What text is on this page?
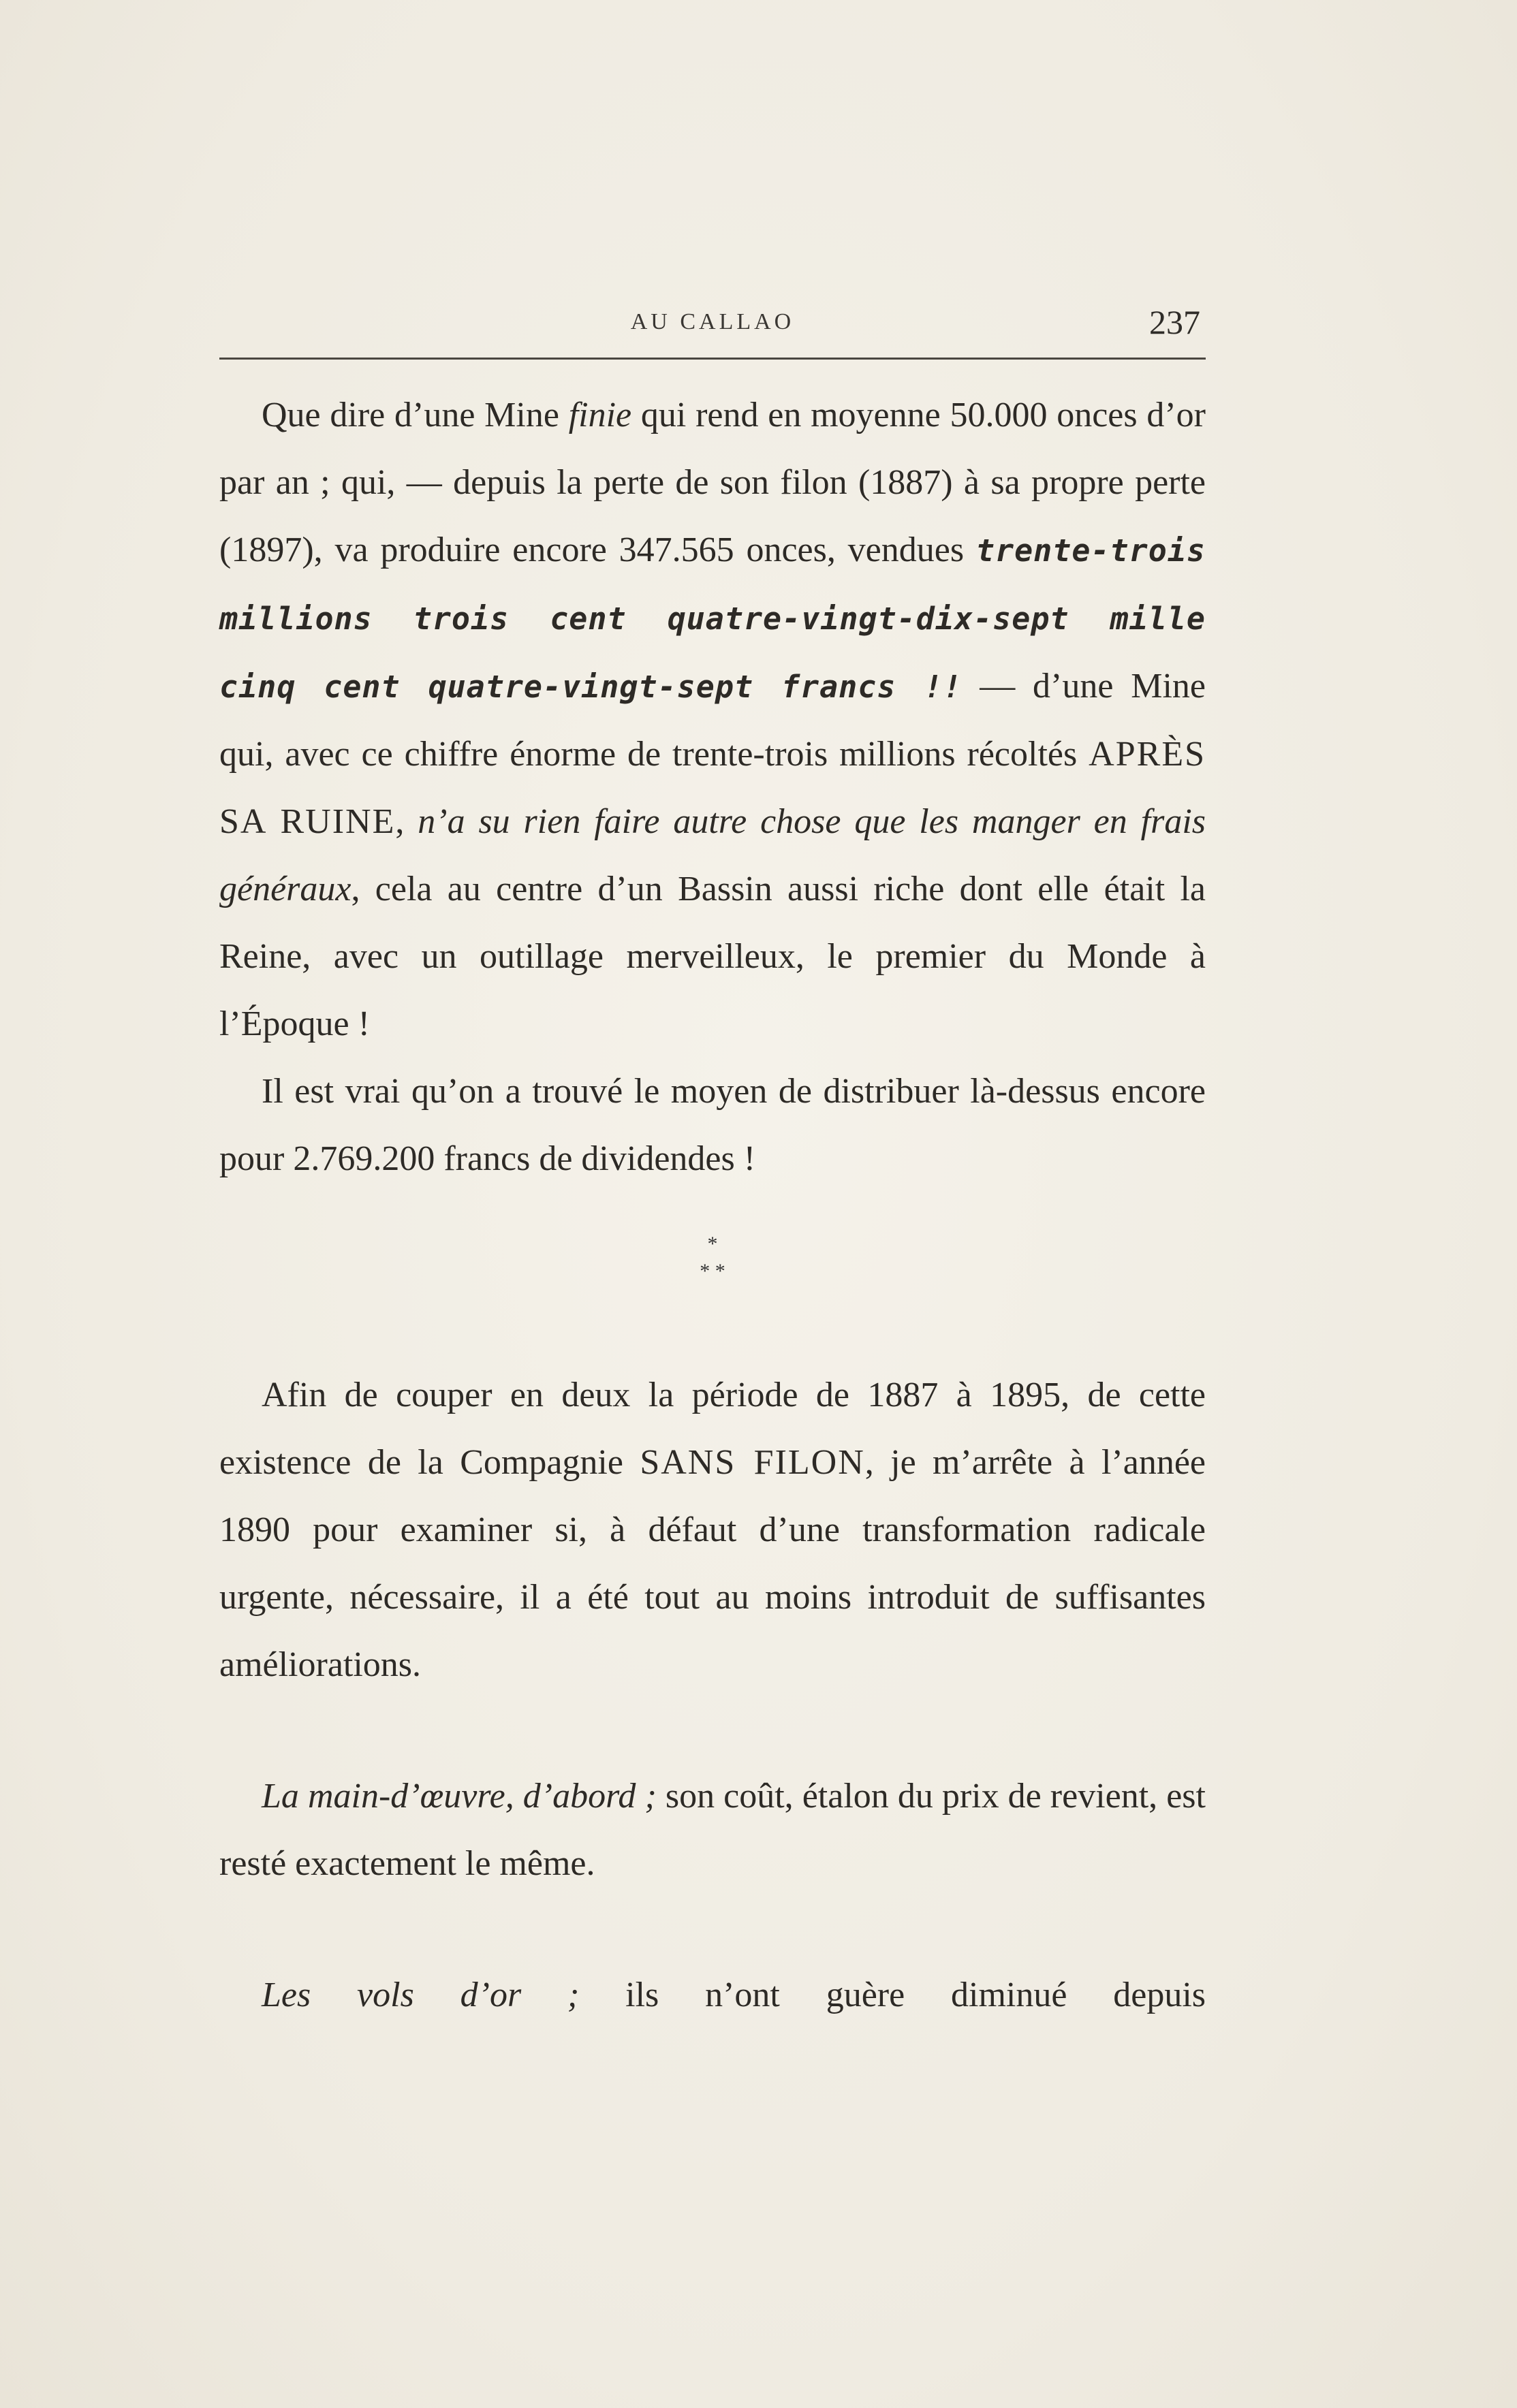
AU CALLAO	237

Que dire d’une Mine finie qui rend en moyenne 50.000 onces d’or par an ; qui, — depuis la perte de son filon (1887) à sa propre perte (1897), va produire encore 347.565 onces, vendues trente-trois millions trois cent quatre-vingt-dix-sept mille cinq cent quatre-vingt-sept francs !! — d’une Mine qui, avec ce chiffre énorme de trente-trois millions récoltés APRÈS SA RUINE, n’a su rien faire autre chose que les manger en frais généraux, cela au centre d’un Bassin aussi riche dont elle était la Reine, avec un outillage merveilleux, le premier du Monde à l’Époque !

Il est vrai qu’on a trouvé le moyen de distribuer là-dessus encore pour 2.769.200 francs de dividendes !

*
* *

Afin de couper en deux la période de 1887 à 1895, de cette existence de la Compagnie SANS FILON, je m’arrête à l’année 1890 pour examiner si, à défaut d’une transformation radicale urgente, nécessaire, il a été tout au moins introduit de suffisantes améliorations.

La main-d’œuvre, d’abord ; son coût, étalon du prix de revient, est resté exactement le même.

Les vols d’or ; ils n’ont guère diminué depuis
